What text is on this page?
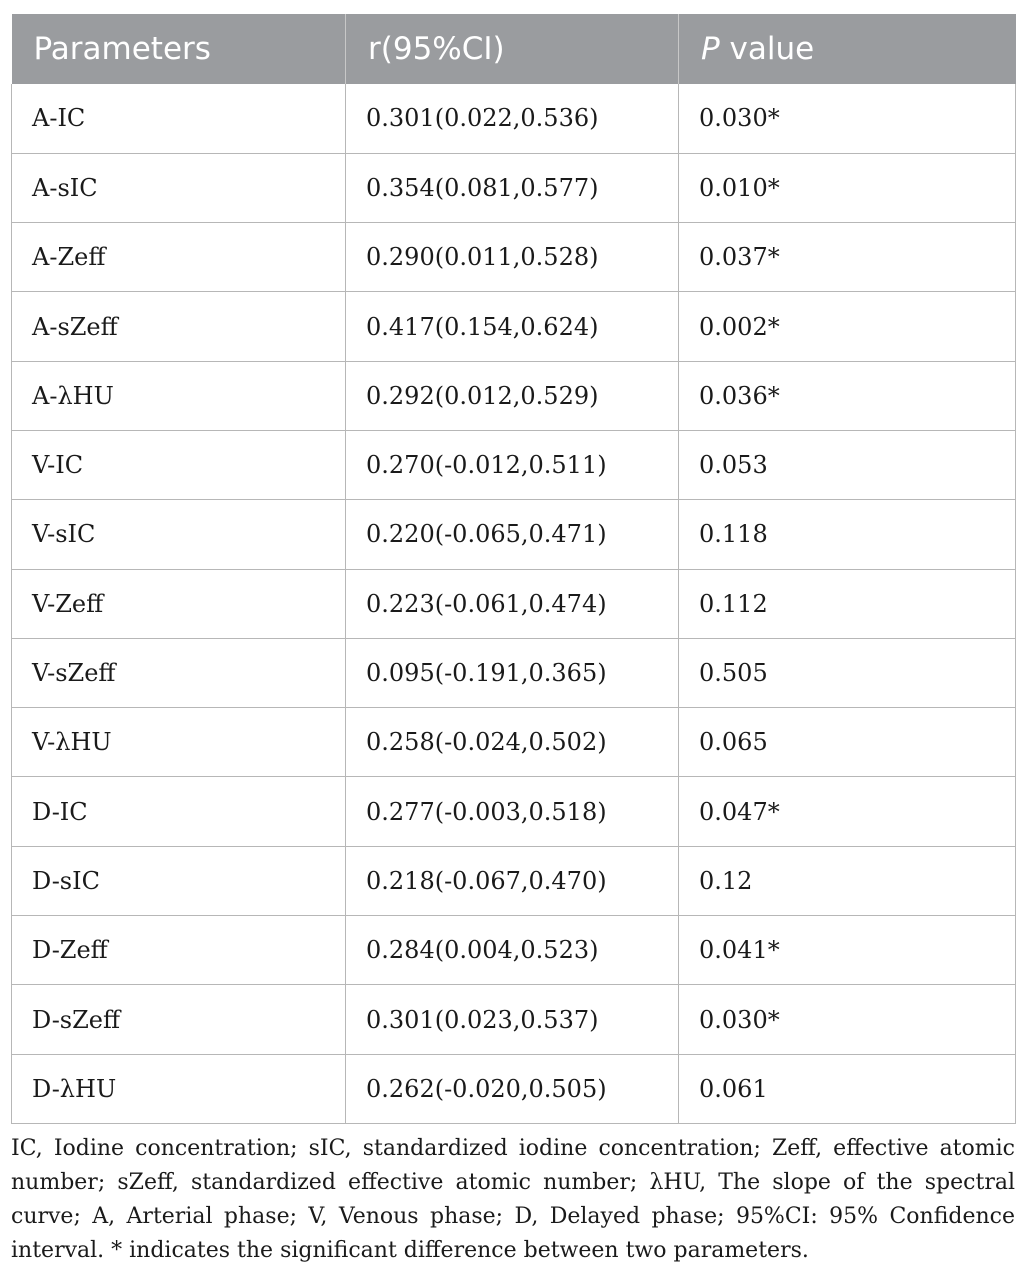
Parameters	r(95%CI)	P value
A-IC	0.301(0.022,0.536)	0.030*
A-sIC	0.354(0.081,0.577)	0.010*
A-Zeff	0.290(0.011,0.528)	0.037*
A-sZeff	0.417(0.154,0.624)	0.002*
A-λHU	0.292(0.012,0.529)	0.036*
V-IC	0.270(-0.012,0.511)	0.053
V-sIC	0.220(-0.065,0.471)	0.118
V-Zeff	0.223(-0.061,0.474)	0.112
V-sZeff	0.095(-0.191,0.365)	0.505
V-λHU	0.258(-0.024,0.502)	0.065
D-IC	0.277(-0.003,0.518)	0.047*
D-sIC	0.218(-0.067,0.470)	0.12
D-Zeff	0.284(0.004,0.523)	0.041*
D-sZeff	0.301(0.023,0.537)	0.030*
D-λHU	0.262(-0.020,0.505)	0.061

IC, Iodine concentration; sIC, standardized iodine concentration; Zeff, effective atomic number; sZeff, standardized effective atomic number; λHU, The slope of the spectral curve; A, Arterial phase; V, Venous phase; D, Delayed phase; 95%CI: 95% Confidence interval. * indicates the significant difference between two parameters.
